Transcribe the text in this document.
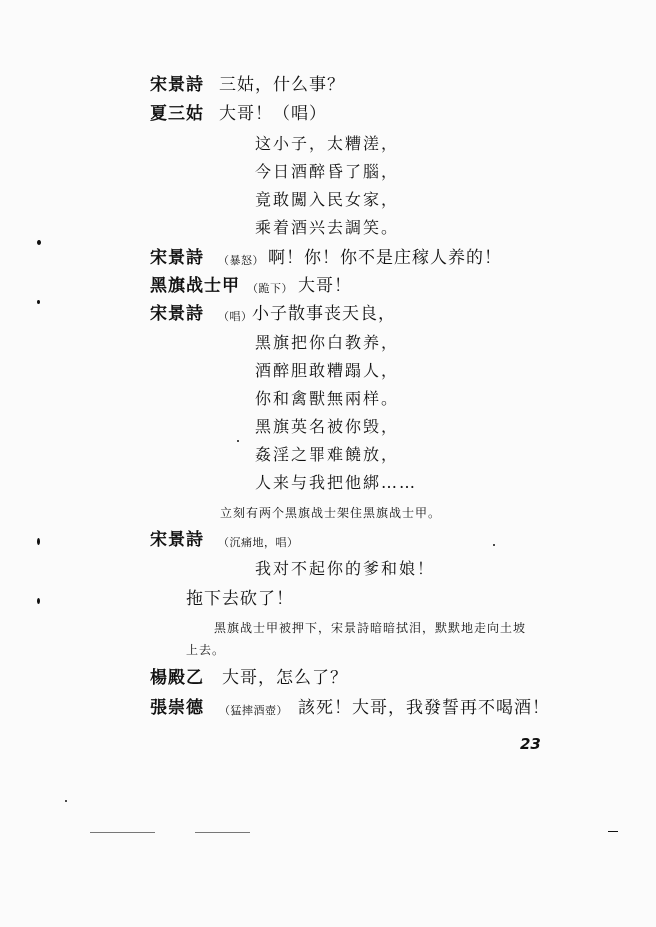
宋景詩 三姑，什么事？
夏三姑 大哥！（唱）
这小子，太糟溠，
今日酒醉昏了腦，
竟敢闖入民女家，
乘着酒兴去調笑。
宋景詩 （暴怒） 啊！你！你不是庄稼人养的！
黑旗战士甲 （跪下） 大哥！
宋景詩 （唱） 小子散事丧天良，
黑旗把你白教养，
酒醉胆敢糟蹋人，
你和禽獸無兩样。
黑旗英名被你毁，
姦淫之罪难饒放，
人来与我把他綁……
立刻有两个黑旗战士架住黑旗战士甲。
宋景詩 （沉痛地，唱）
我对不起你的爹和娘！
拖下去砍了！
黑旗战士甲被押下，宋景詩暗暗拭泪，默默地走向土坡
上去。
楊殿乙 大哥，怎么了？
張崇德 （猛摔酒壺） 該死！大哥，我發誓再不喝酒！
23
